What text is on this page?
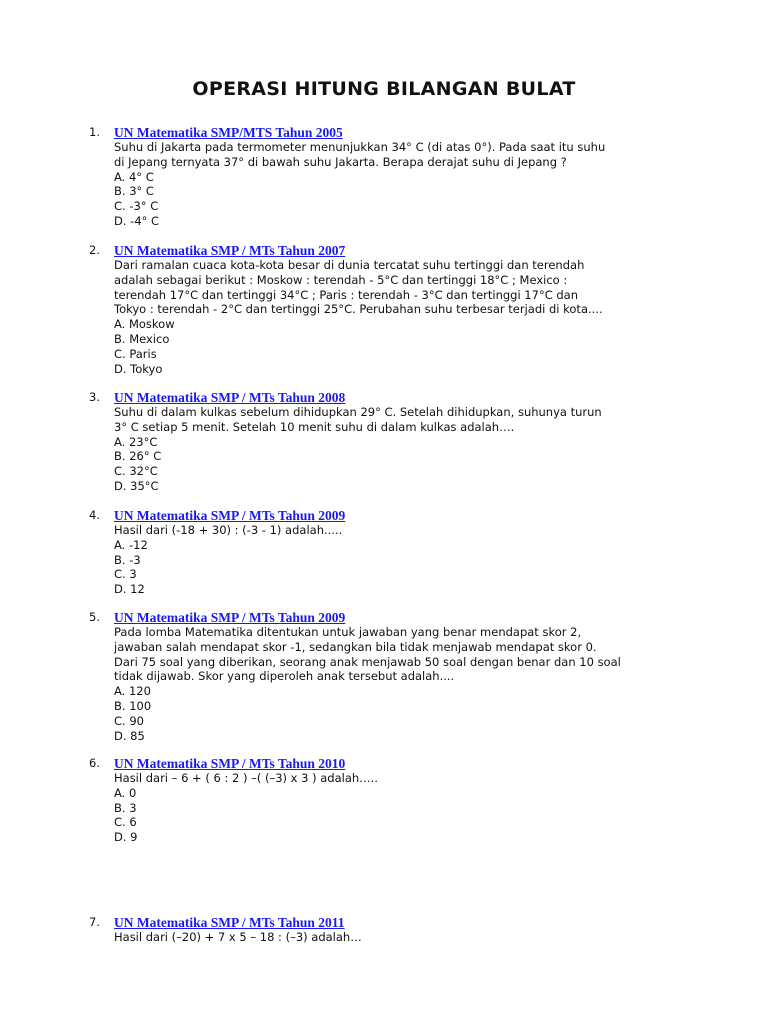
OPERASI HITUNG BILANGAN BULAT
1. UN Matematika SMP/MTS Tahun 2005
Suhu di Jakarta pada termometer menunjukkan 34° C (di atas 0°). Pada saat itu suhu
di Jepang ternyata 37° di bawah suhu Jakarta. Berapa derajat suhu di Jepang ?
A. 4° C
B. 3° C
C. -3° C
D. -4° C
2. UN Matematika SMP / MTs Tahun 2007
Dari ramalan cuaca kota-kota besar di dunia tercatat suhu tertinggi dan terendah
adalah sebagai berikut : Moskow : terendah - 5°C dan tertinggi 18°C ; Mexico :
terendah 17°C dan tertinggi 34°C ; Paris : terendah - 3°C dan tertinggi 17°C dan
Tokyo : terendah - 2°C dan tertinggi 25°C. Perubahan suhu terbesar terjadi di kota....
A. Moskow
B. Mexico
C. Paris
D. Tokyo
3. UN Matematika SMP / MTs Tahun 2008
Suhu di dalam kulkas sebelum dihidupkan 29° C. Setelah dihidupkan, suhunya turun
3° C setiap 5 menit. Setelah 10 menit suhu di dalam kulkas adalah….
A. 23°C
B. 26° C
C. 32°C
D. 35°C
4. UN Matematika SMP / MTs Tahun 2009
Hasil dari (-18 + 30) : (-3 - 1) adalah.....
A. -12
B. -3
C. 3
D. 12
5. UN Matematika SMP / MTs Tahun 2009
Pada lomba Matematika ditentukan untuk jawaban yang benar mendapat skor 2,
jawaban salah mendapat skor -1, sedangkan bila tidak menjawab mendapat skor 0.
Dari 75 soal yang diberikan, seorang anak menjawab 50 soal dengan benar dan 10 soal
tidak dijawab. Skor yang diperoleh anak tersebut adalah....
A. 120
B. 100
C. 90
D. 85
6. UN Matematika SMP / MTs Tahun 2010
Hasil dari – 6 + ( 6 : 2 ) –( (–3) x 3 ) adalah…..
A. 0
B. 3
C. 6
D. 9
7. UN Matematika SMP / MTs Tahun 2011
Hasil dari (–20) + 7 x 5 – 18 : (–3) adalah…
